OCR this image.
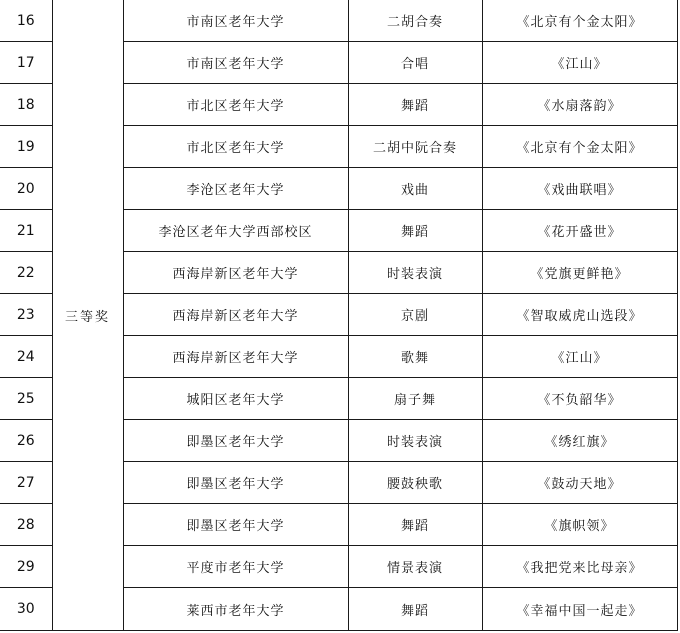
16	三等奖	市南区老年大学	二胡合奏	《北京有个金太阳》
17		市南区老年大学	合唱	《江山》
18		市北区老年大学	舞蹈	《水扇落韵》
19		市北区老年大学	二胡中阮合奏	《北京有个金太阳》
20		李沧区老年大学	戏曲	《戏曲联唱》
21		李沧区老年大学西部校区	舞蹈	《花开盛世》
22		西海岸新区老年大学	时装表演	《党旗更鲜艳》
23		西海岸新区老年大学	京剧	《智取威虎山选段》
24		西海岸新区老年大学	歌舞	《江山》
25		城阳区老年大学	扇子舞	《不负韶华》
26		即墨区老年大学	时装表演	《绣红旗》
27		即墨区老年大学	腰鼓秧歌	《鼓动天地》
28		即墨区老年大学	舞蹈	《旗帜领》
29		平度市老年大学	情景表演	《我把党来比母亲》
30		莱西市老年大学	舞蹈	《幸福中国一起走》
